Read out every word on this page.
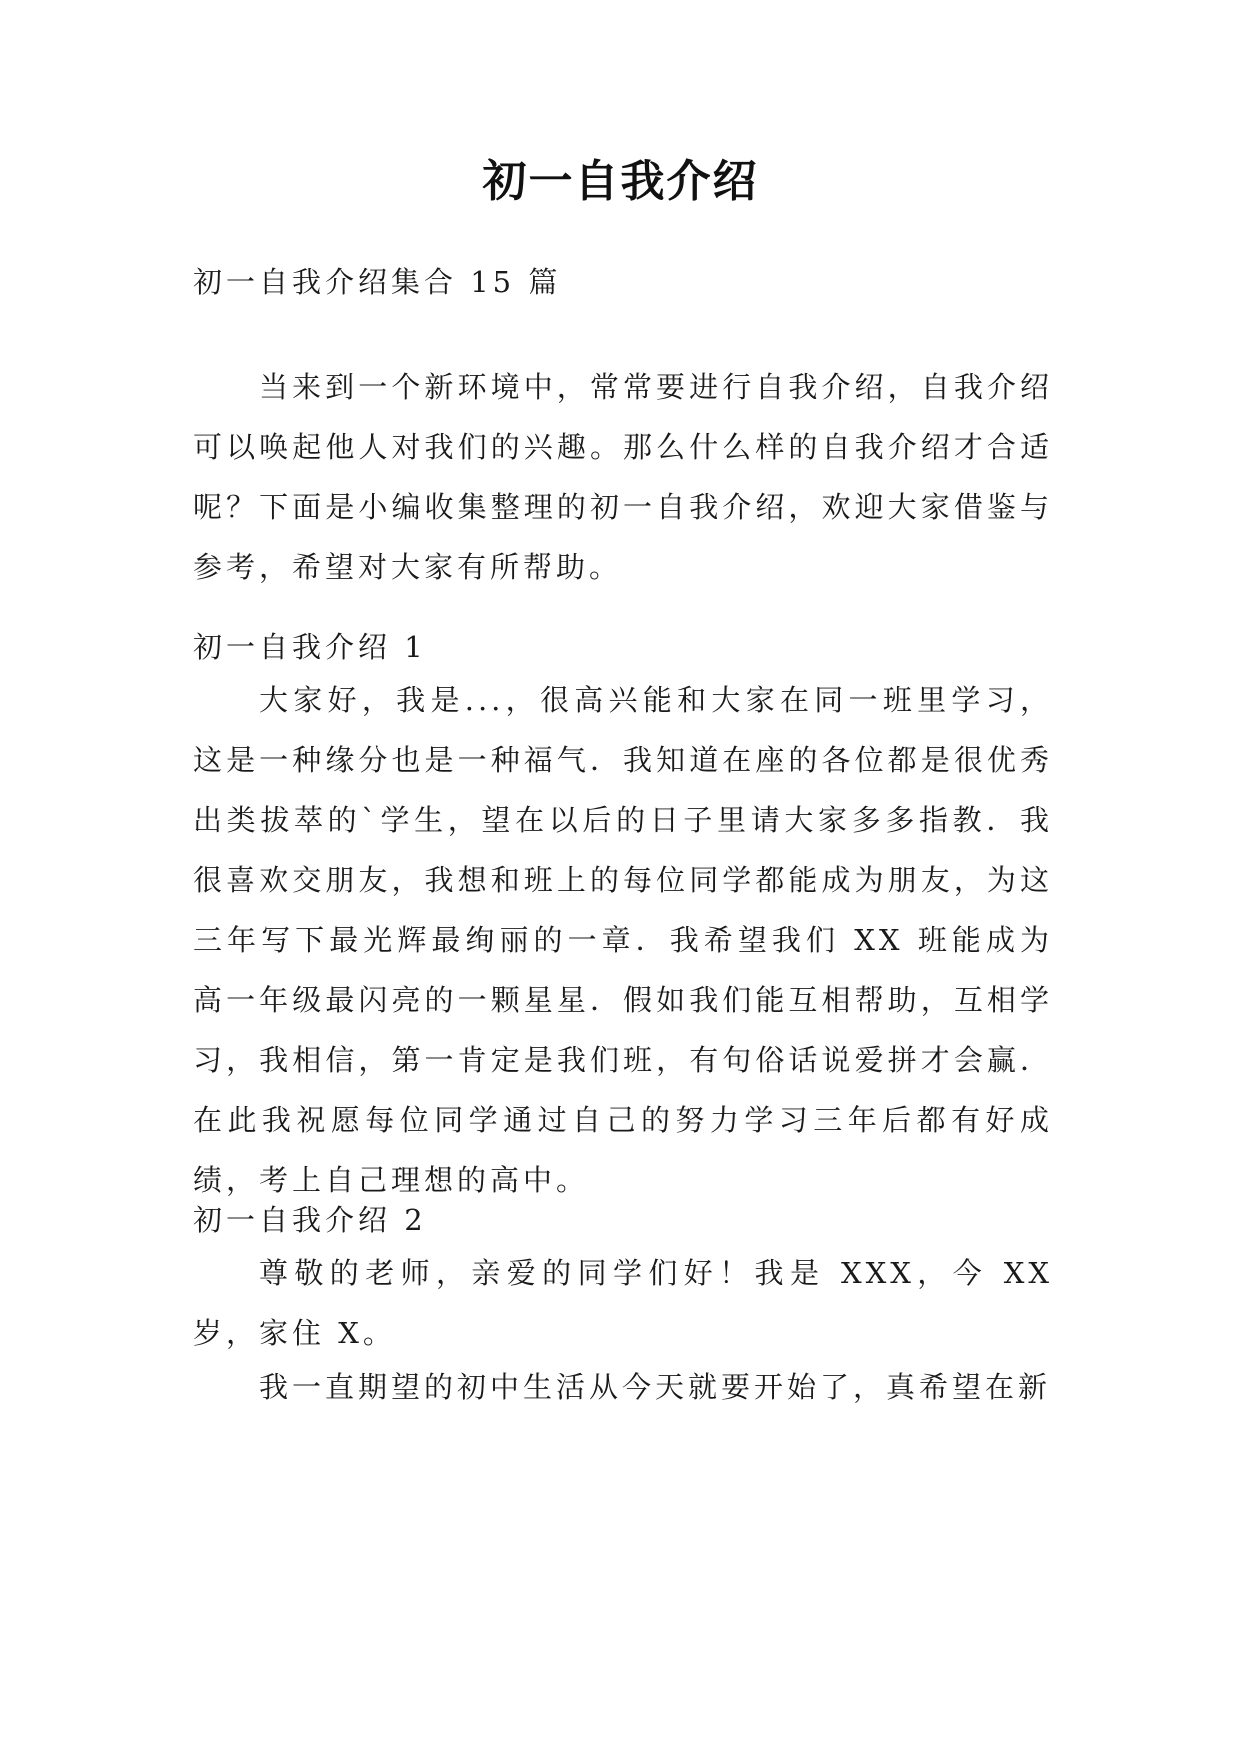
初一自我介绍

初一自我介绍集合 15 篇

当来到一个新环境中，常常要进行自我介绍，自我介绍可以唤起他人对我们的兴趣。那么什么样的自我介绍才合适呢？下面是小编收集整理的初一自我介绍，欢迎大家借鉴与参考，希望对大家有所帮助。

初一自我介绍 1

大家好，我是...，很高兴能和大家在同一班里学习，这是一种缘分也是一种福气．我知道在座的各位都是很优秀出类拔萃的`学生，望在以后的日子里请大家多多指教．我很喜欢交朋友，我想和班上的每位同学都能成为朋友，为这三年写下最光辉最绚丽的一章．我希望我们 XX 班能成为高一年级最闪亮的一颗星星．假如我们能互相帮助，互相学习，我相信，第一肯定是我们班，有句俗话说爱拼才会赢．在此我祝愿每位同学通过自己的努力学习三年后都有好成绩，考上自己理想的高中。

初一自我介绍 2

尊敬的老师，亲爱的同学们好！我是 XXX，今 XX 岁，家住 X。

我一直期望的初中生活从今天就要开始了，真希望在新
